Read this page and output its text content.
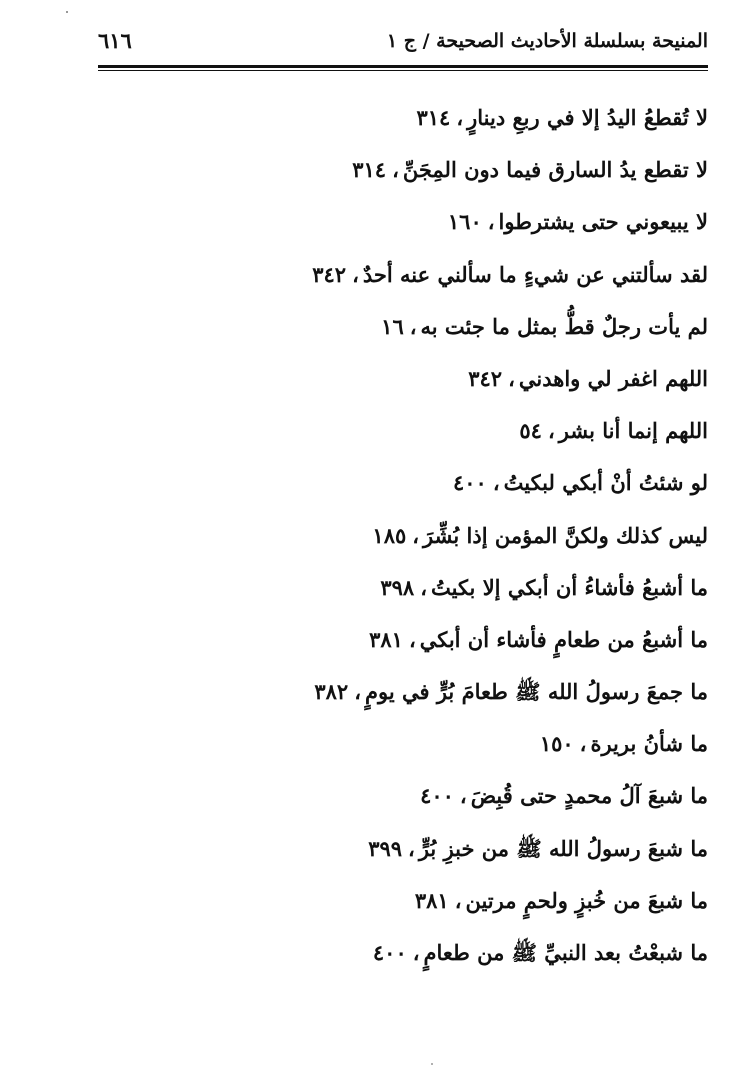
المنيحة بسلسلة الأحاديث الصحيحة / ج ١
٦١٦
لا تُقطعُ اليدُ إلا في ربعِ دينارٍ،٣١٤
لا تقطع يدُ السارق فيما دون المِجَنِّ،٣١٤
لا يبيعوني حتى يشترطوا،١٦٠
لقد سألتني عن شيءٍ ما سألني عنه أحدٌ،٣٤٢
لم يأت رجلٌ قطُّ بمثل ما جئت به،١٦
اللهم اغفر لي واهدني،٣٤٢
اللهم إنما أنا بشر،٥٤
لو شئتُ أنْ أبكي لبكيتُ،٤٠٠
ليس كذلك ولكنَّ المؤمن إذا بُشِّرَ،١٨٥
ما أشبعُ فأشاءُ أن أبكي إلا بكيتُ،٣٩٨
ما أشبعُ من طعامٍ فأشاء أن أبكي،٣٨١
ما جمعَ رسولُ الله ﷺ طعامَ بُرٍّ في يومٍ،٣٨٢
ما شأنُ بريرة،١٥٠
ما شبعَ آلُ محمدٍ حتى قُبِضَ،٤٠٠
ما شبعَ رسولُ الله ﷺ من خبزِ بُرٍّ،٣٩٩
ما شبعَ من خُبزٍ ولحمٍ مرتين،٣٨١
ما شبعْتُ بعد النبيِّ ﷺ من طعامٍ،٤٠٠
